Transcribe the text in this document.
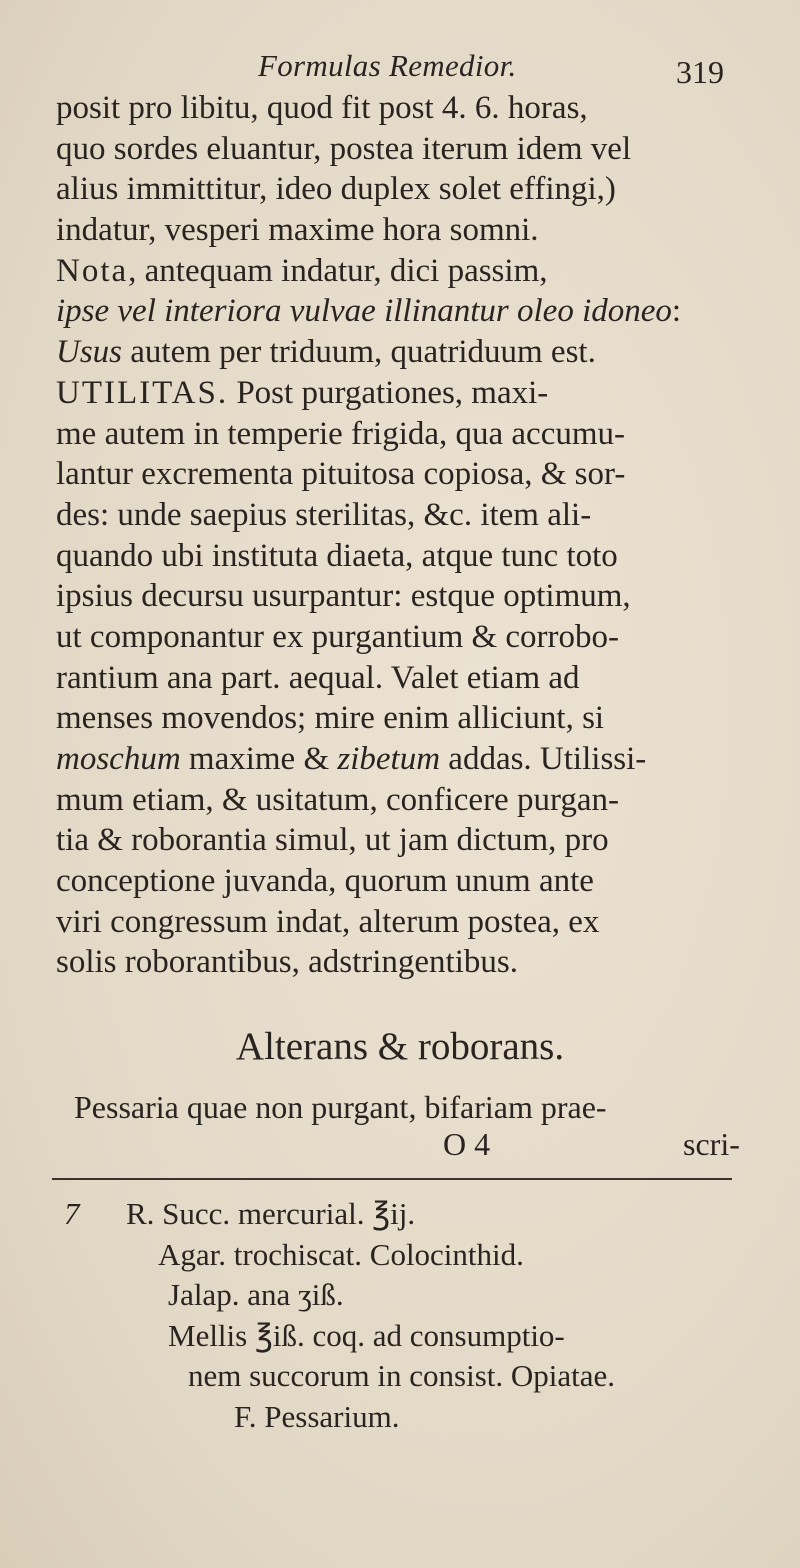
Formulas Remedior.	319
posit pro libitu, quod fit post 4. 6. horas,
quo sordes eluantur, postea iterum idem vel
alius immittitur, ideo duplex solet effingi,)
indatur, vesperi maxime hora somni.
Nota, antequam indatur, dici passim,
ipse vel interiora vulvae illinantur oleo idoneo:
Usus autem per triduum, quatriduum est.
UTILITAS. Post purgationes, maxi-
me autem in temperie frigida, qua accumu-
lantur excrementa pituitosa copiosa, & sor-
des: unde saepius sterilitas, &c. item ali-
quando ubi instituta diaeta, atque tunc toto
ipsius decursu usurpantur: estque optimum,
ut componantur ex purgantium & corrobo-
rantium ana part. aequal. Valet etiam ad
menses movendos; mire enim alliciunt, si
moschum maxime & zibetum addas. Utilissi-
mum etiam, & usitatum, conficere purgan-
tia & roborantia simul, ut jam dictum, pro
conceptione juvanda, quorum unum ante
viri congressum indat, alterum postea, ex
solis roborantibus, adstringentibus.
Alterans & roborans.
Pessaria quae non purgant, bifariam prae-
O 4	scri-
7 R. Succ. mercurial. ℥ij.
Agar. trochiscat. Colocinthid.
Jalap. ana ʒiß.
Mellis ℥iß. coq. ad consumptio-
nem succorum in consist. Opiatae.
F. Pessarium.
